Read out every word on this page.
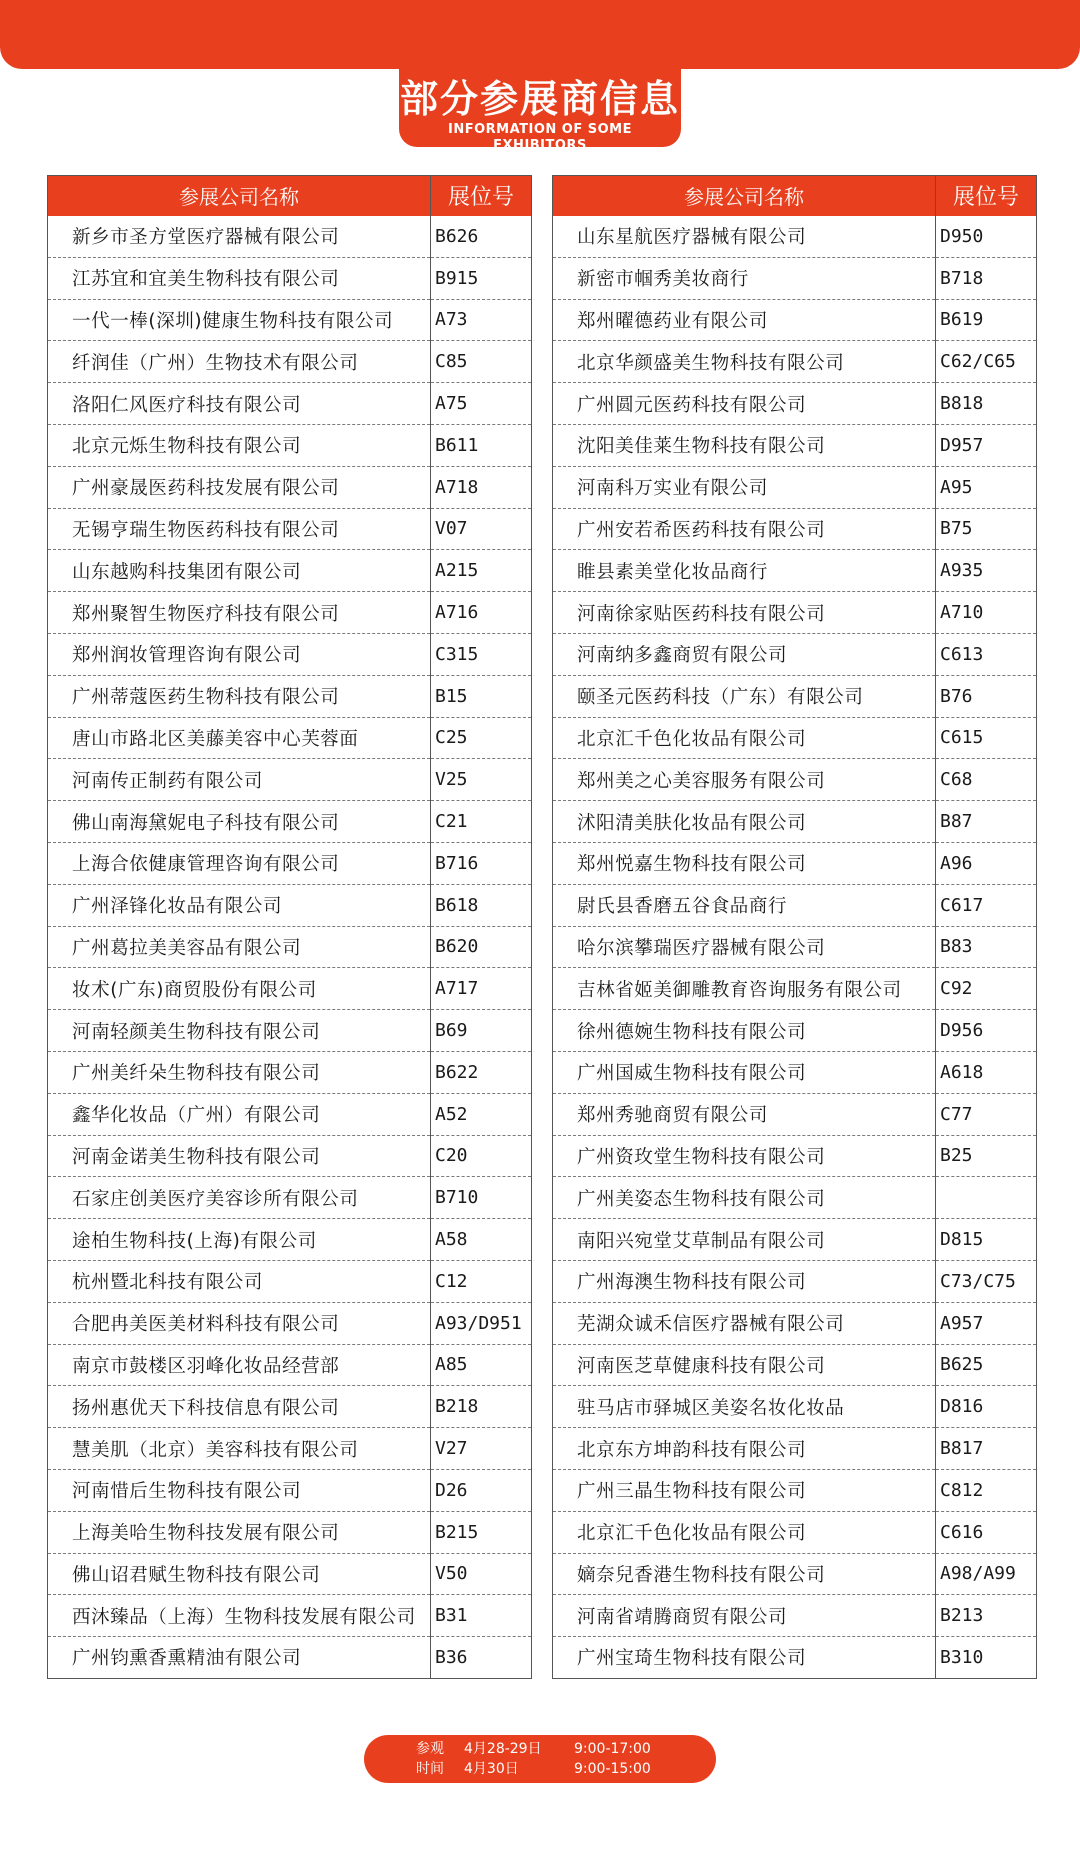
部分参展商信息
INFORMATION OF SOME EXHIBITORS
参展公司名称	展位号
新乡市圣方堂医疗器械有限公司	B626
江苏宜和宜美生物科技有限公司	B915
一代一棒(深圳)健康生物科技有限公司	A73
纤润佳（广州）生物技术有限公司	C85
洛阳仁风医疗科技有限公司	A75
北京元烁生物科技有限公司	B611
广州豪晟医药科技发展有限公司	A718
无锡亨瑞生物医药科技有限公司	V07
山东越购科技集团有限公司	A215
郑州聚智生物医疗科技有限公司	A716
郑州润妆管理咨询有限公司	C315
广州蒂蔻医药生物科技有限公司	B15
唐山市路北区美藤美容中心芙蓉面	C25
河南传正制药有限公司	V25
佛山南海黛妮电子科技有限公司	C21
上海合依健康管理咨询有限公司	B716
广州泽锋化妆品有限公司	B618
广州葛拉美美容品有限公司	B620
妆术(广东)商贸股份有限公司	A717
河南轻颜美生物科技有限公司	B69
广州美纤朵生物科技有限公司	B622
鑫华化妆品（广州）有限公司	A52
河南金诺美生物科技有限公司	C20
石家庄创美医疗美容诊所有限公司	B710
途柏生物科技(上海)有限公司	A58
杭州暨北科技有限公司	C12
合肥冉美医美材料科技有限公司	A93/D951
南京市鼓楼区羽峰化妆品经营部	A85
扬州惠优天下科技信息有限公司	B218
慧美肌（北京）美容科技有限公司	V27
河南惜后生物科技有限公司	D26
上海美哈生物科技发展有限公司	B215
佛山诏君赋生物科技有限公司	V50
西沐臻品（上海）生物科技发展有限公司	B31
广州钧熏香熏精油有限公司	B36
参展公司名称	展位号
山东星航医疗器械有限公司	D950
新密市帼秀美妆商行	B718
郑州曜德药业有限公司	B619
北京华颜盛美生物科技有限公司	C62/C65
广州圆元医药科技有限公司	B818
沈阳美佳莱生物科技有限公司	D957
河南科万实业有限公司	A95
广州安若希医药科技有限公司	B75
睢县素美堂化妆品商行	A935
河南徐家贴医药科技有限公司	A710
河南纳多鑫商贸有限公司	C613
颐圣元医药科技（广东）有限公司	B76
北京汇千色化妆品有限公司	C615
郑州美之心美容服务有限公司	C68
沭阳清美肤化妆品有限公司	B87
郑州悦嘉生物科技有限公司	A96
尉氏县香磨五谷食品商行	C617
哈尔滨攀瑞医疗器械有限公司	B83
吉林省姬美御雕教育咨询服务有限公司	C92
徐州德婉生物科技有限公司	D956
广州国威生物科技有限公司	A618
郑州秀驰商贸有限公司	C77
广州资玫堂生物科技有限公司	B25
广州美姿态生物科技有限公司	
南阳兴宛堂艾草制品有限公司	D815
广州海澳生物科技有限公司	C73/C75
芜湖众诚禾信医疗器械有限公司	A957
河南医芝草健康科技有限公司	B625
驻马店市驿城区美姿名妆化妆品	D816
北京东方坤韵科技有限公司	B817
广州三晶生物科技有限公司	C812
北京汇千色化妆品有限公司	C616
嫡奈兒香港生物科技有限公司	A98/A99
河南省靖腾商贸有限公司	B213
广州宝琦生物科技有限公司	B310
参观
时间
4月28-29日 9:00-17:00
4月30日	9:00-15:00
